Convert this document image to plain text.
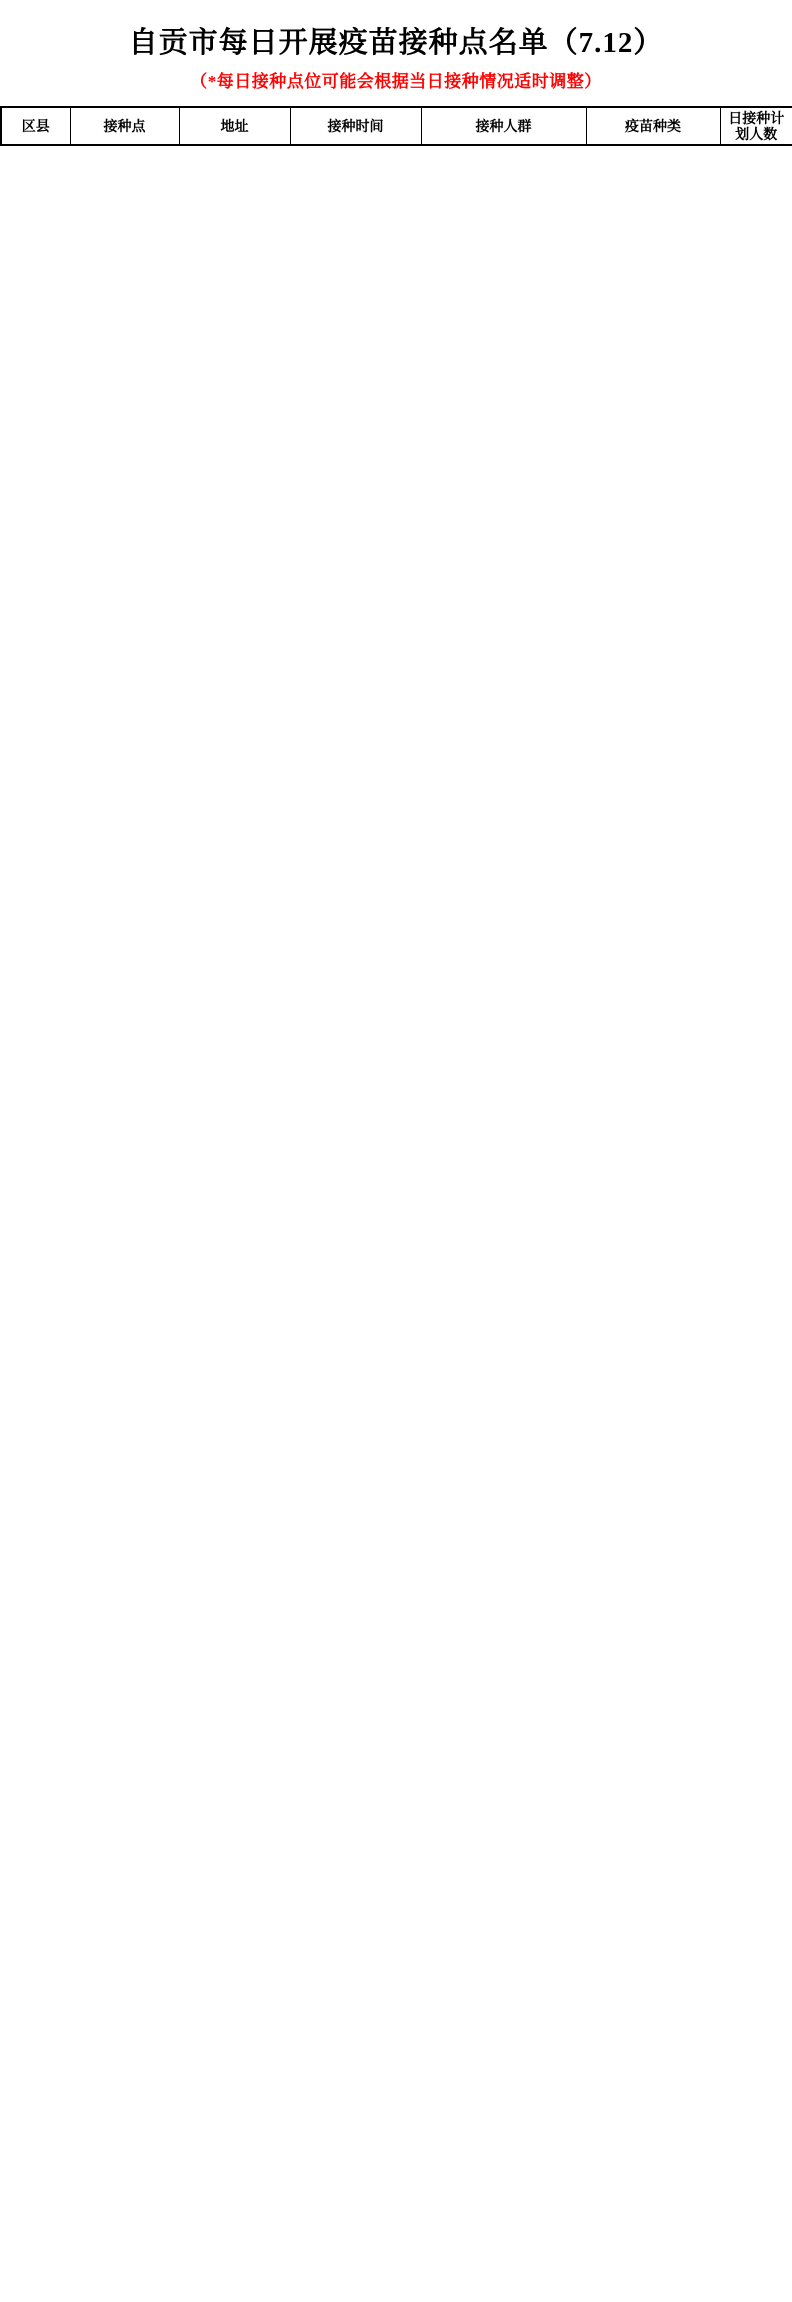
自贡市每日开展疫苗接种点名单（7.12）
（*每日接种点位可能会根据当日接种情况适时调整）
区县	接种点	地址	接种时间	接种人群	疫苗种类	日接种计划人数
